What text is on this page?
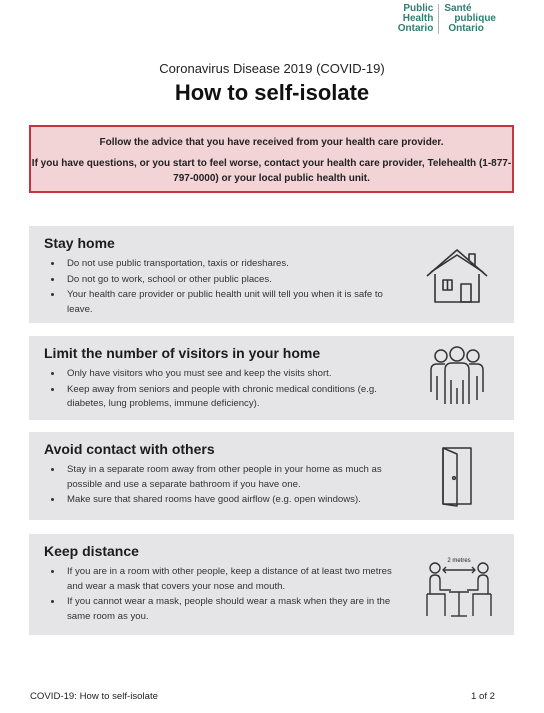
Public
Health
Ontario
Santé
publique
Ontario
Coronavirus Disease 2019 (COVID-19)
How to self-isolate

Follow the advice that you have received from your health care provider.

If you have questions, or you start to feel worse, contact your health care provider, Telehealth (1-877-797-0000) or your local public health unit.

Stay home
• Do not use public transportation, taxis or rideshares.
• Do not go to work, school or other public places.
• Your health care provider or public health unit will tell you when it is safe to leave.
Limit the number of visitors in your home
• Only have visitors who you must see and keep the visits short.
• Keep away from seniors and people with chronic medical conditions (e.g. diabetes, lung problems, immune deficiency).
Avoid contact with others
• Stay in a separate room away from other people in your home as much as possible and use a separate bathroom if you have one.
• Make sure that shared rooms have good airflow (e.g. open windows).
Keep distance
• If you are in a room with other people, keep a distance of at least two metres and wear a mask that covers your nose and mouth.
• If you cannot wear a mask, people should wear a mask when they are in the same room as you.
2 metres
COVID-19: How to self-isolate	1 of 2
